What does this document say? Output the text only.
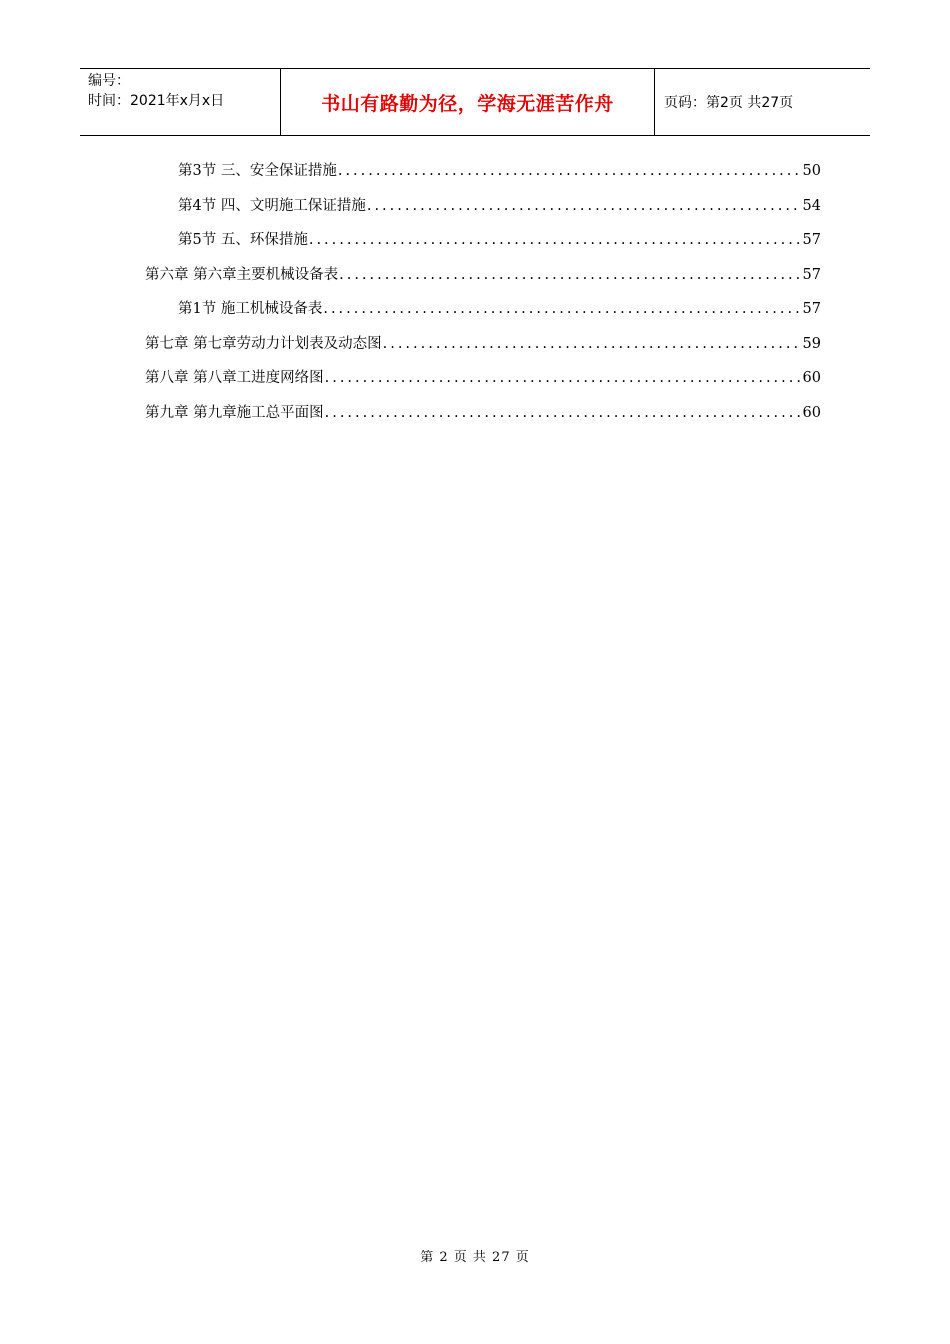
编号：
时间：2021年x月x日	书山有路勤为径，学海无涯苦作舟	页码：第2页 共27页
第3节 三、安全保证措施 .....	50
第4节 四、文明施工保证措施 .....	54
第5节 五、环保措施 .....	57
第六章 第六章主要机械设备表 .....	57
第1节 施工机械设备表 .....	57
第七章 第七章劳动力计划表及动态图 .....	59
第八章 第八章工进度网络图 .....	60
第九章 第九章施工总平面图 .....	60
第 2 页 共 27 页
